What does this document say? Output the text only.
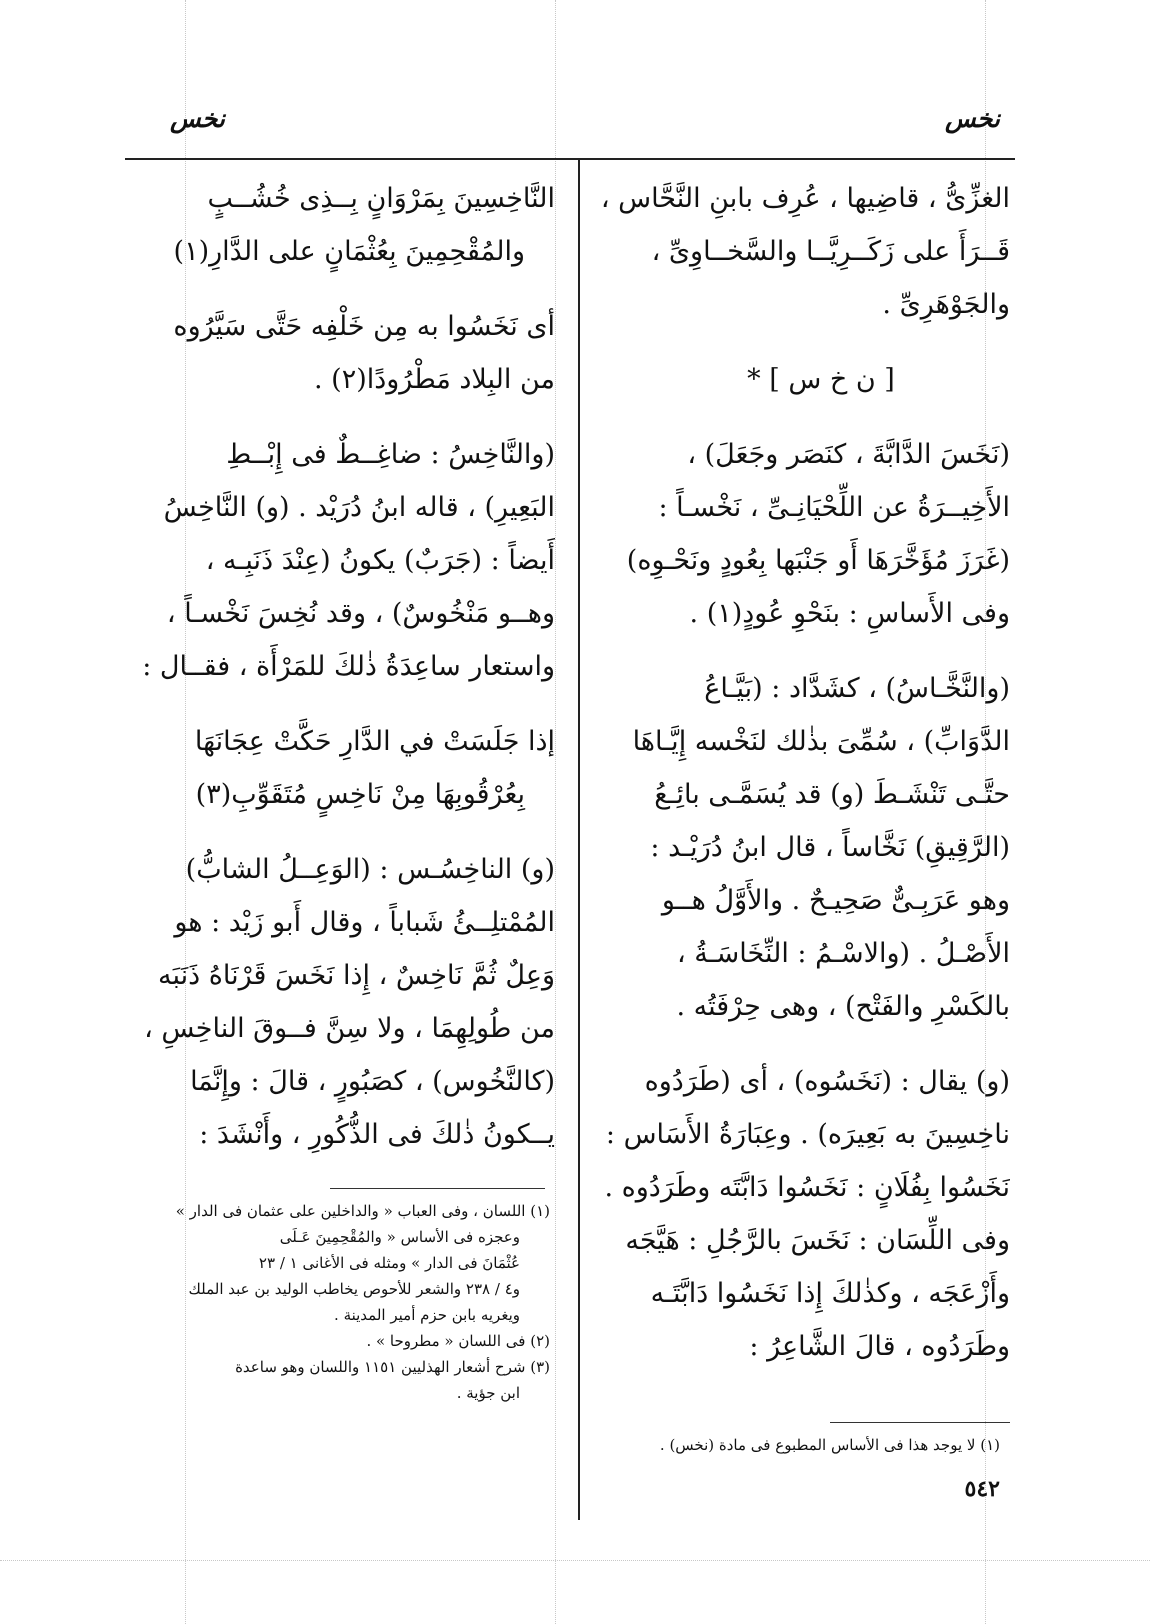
نخس
نخس
الغزِّىُّ ، قاضِيها ، عُرِف بابنِ النَّحَّاس ،
قَــرَأَ على زَكَــرِيَّــا والسَّخــاوِىِّ ،
والجَوْهَرِىِّ .
[ ن خ س ] *
(نَخَسَ الدَّابَّةَ ، كنَصَر وجَعَلَ) ،
الأَخِيــرَةُ عن اللِّحْيَانِـىِّ ، نَخْسـاً :
(غَرَزَ مُؤَخَّرَهَا أَو جَنْبَها بِعُودٍ ونَحْـوِه)
وفى الأَساسِ : بنَحْوِ عُودٍ(١) .
(والنَّخَّـاسُ) ، كشَدَّاد : (بَيَّـاعُ
الدَّوَابِّ) ، سُمِّىَ بذٰلك لنَخْسه إِيَّـاهَا
حتَّـى تَنْشَـطَ (و) قد يُسَمَّـى بائِـعُ
(الرَّقِيقِ) نَخَّاساً ، قال ابنُ دُرَيْـد :
وهو عَرَبِـىٌّ صَحِيـحٌ . والأَوَّلُ هــو
الأَصْـلُ . (والاسْـمُ : النِّخَاسَـةُ ،
بالكَسْرِ والفَتْح) ، وهى حِرْفَتُه .
(و) يقال : (نَخَسُوه) ، أى (طَرَدُوه
ناخِسِينَ به بَعِيرَه) . وعِبَارَةُ الأَسَاس :
نَخَسُوا بِفُلَانٍ : نَخَسُوا دَابَّتَه وطَرَدُوه .
وفى اللِّسَان : نَخَسَ بالرَّجُلِ : هَيَّجَه
وأَزْعَجَه ، وكذٰلكَ إِذا نَخَسُوا دَابَّتَـه
وطَرَدُوه ، قالَ الشَّاعِرُ :
(١) لا يوجد هذا فى الأساس المطبوع فى مادة (نخس) .
النَّاخِسِينَ بِمَرْوَانٍ بِــذِى خُشُــبٍ
والمُقْحِمِينَ بِعُثْمَانٍ على الدَّارِ(١)
أى نَخَسُوا به مِن خَلْفِه حَتَّى سَيَّرُوه
من البِلاد مَطْرُودًا(٢) .
(والنَّاخِسُ : ضاغِــطٌ فى إِبْــطِ
البَعِيرِ) ، قاله ابنُ دُرَيْد . (و) النَّاخِسُ
أَيضاً : (جَرَبٌ) يكونُ (عِنْدَ ذَنَبِـه ،
وهــو مَنْخُوسٌ) ، وقد نُخِسَ نَخْسـاً ،
واستعار ساعِدَةُ ذٰلكَ للمَرْأَة ، فقــال :
إذا جَلَسَتْ في الدَّارِ حَكَّتْ عِجَانَهَا
بِعُرْقُوبِهَا مِنْ نَاخِسٍ مُتَقَوِّبِ(٣)
(و) الناخِسُـس : (الوَعِــلُ الشابُّ)
المُمْتلِــئُ شَباباً ، وقال أَبو زَيْد : هو
وَعِلٌ ثُمَّ نَاخِسٌ ، إِذا نَخَسَ قَرْنَاهُ ذَنَبَه
من طُولِهِمَا ، ولا سِنَّ فــوقَ الناخِسِ ،
(كالنَّخُوس) ، كصَبُورٍ ، قالَ : وإِنَّمَا
يــكونُ ذٰلكَ فى الذُّكُورِ ، وأَنْشَدَ :
(١) اللسان ، وفى العباب « والداخلين على عثمان فى الدار »
وعجزه فى الأساس « والمُقْحِمِينَ عَـلَى
عُثْمَانَ فى الدار » ومثله فى الأغانى ١ / ٢٣
و٤ / ٢٣٨ والشعر للأحوص يخاطب الوليد بن عبد الملك
ويغريه بابن حزم أمير المدينة .
(٢) فى اللسان « مطروحا » .
(٣) شرح أشعار الهذليين ١١٥١ واللسان وهو ساعدة
ابن جؤية .
٥٤٢
